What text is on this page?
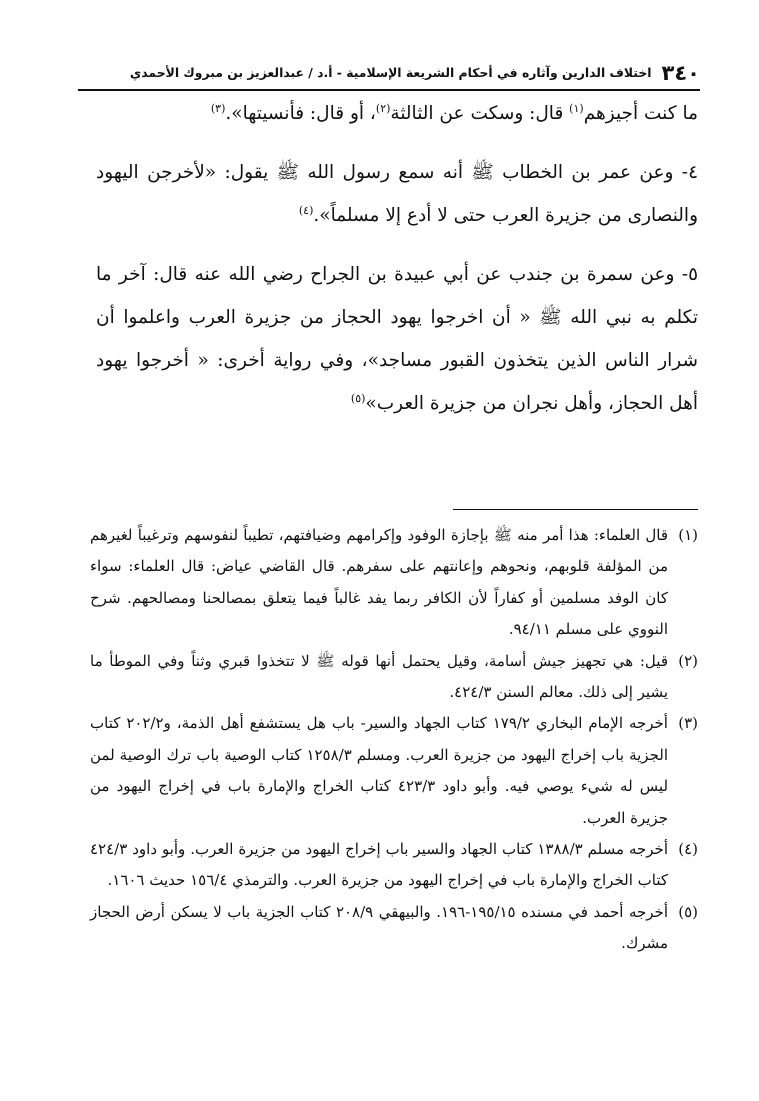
٣٤٠
اختلاف الدارين وآثاره في أحكام الشريعة الإسلامية - أ.د / عبدالعزيز بن مبروك الأحمدي

ما كنت أجيزهم$^{(١)}$ قال: وسكت عن الثالثة$^{(٢)}$، أو قال: فأنسيتها».$^{(٣)}$

٤- وعن عمر بن الخطاب ﷺ أنه سمع رسول الله ﷺ يقول: «لأخرجن اليهود والنصارى من جزيرة العرب حتى لا أدع إلا مسلماً».$^{(٤)}$

٥- وعن سمرة بن جندب عن أبي عبيدة بن الجراح رضي الله عنه قال: آخر ما تكلم به نبي الله ﷺ « أن اخرجوا يهود الحجاز من جزيرة العرب واعلموا أن شرار الناس الذين يتخذون القبور مساجد»، وفي رواية أخرى: « أخرجوا يهود أهل الحجاز، وأهل نجران من جزيرة العرب»$^{(٥)}$

(١)
قال العلماء: هذا أمر منه ﷺ بإجازة الوفود وإكرامهم وضيافتهم، تطيباً لنفوسهم وترغيباً لغيرهم من المؤلفة قلوبهم، ونحوهم وإعانتهم على سفرهم. قال القاضي عياض: قال العلماء: سواء كان الوفد مسلمين أو كفاراً لأن الكافر ربما يفد غالباً فيما يتعلق بمصالحنا ومصالحهم. شرح النووي على مسلم ٩٤/١١.

(٢)
قيل: هي تجهيز جيش أسامة، وقيل يحتمل أنها قوله ﷺ لا تتخذوا قبري وثناً وفي الموطأ ما يشير إلى ذلك. معالم السنن ٤٢٤/٣.

(٣)
أخرجه الإمام البخاري ١٧٩/٢ كتاب الجهاد والسير- باب هل يستشفع أهل الذمة، و٢٠٢/٢ كتاب الجزية باب إخراج اليهود من جزيرة العرب. ومسلم ١٢٥٨/٣ كتاب الوصية باب ترك الوصية لمن ليس له شيء يوصي فيه. وأبو داود ٤٢٣/٣ كتاب الخراج والإمارة باب في إخراج اليهود من جزيرة العرب.

(٤)
أخرجه مسلم ١٣٨٨/٣ كتاب الجهاد والسير باب إخراج اليهود من جزيرة العرب. وأبو داود ٤٢٤/٣ كتاب الخراج والإمارة باب في إخراج اليهود من جزيرة العرب. والترمذي ١٥٦/٤ حديث ١٦٠٦.

(٥)
أخرجه أحمد في مسنده ١٩٥/١٥-١٩٦. والبيهقي ٢٠٨/٩ كتاب الجزية باب لا يسكن أرض الحجاز مشرك.
